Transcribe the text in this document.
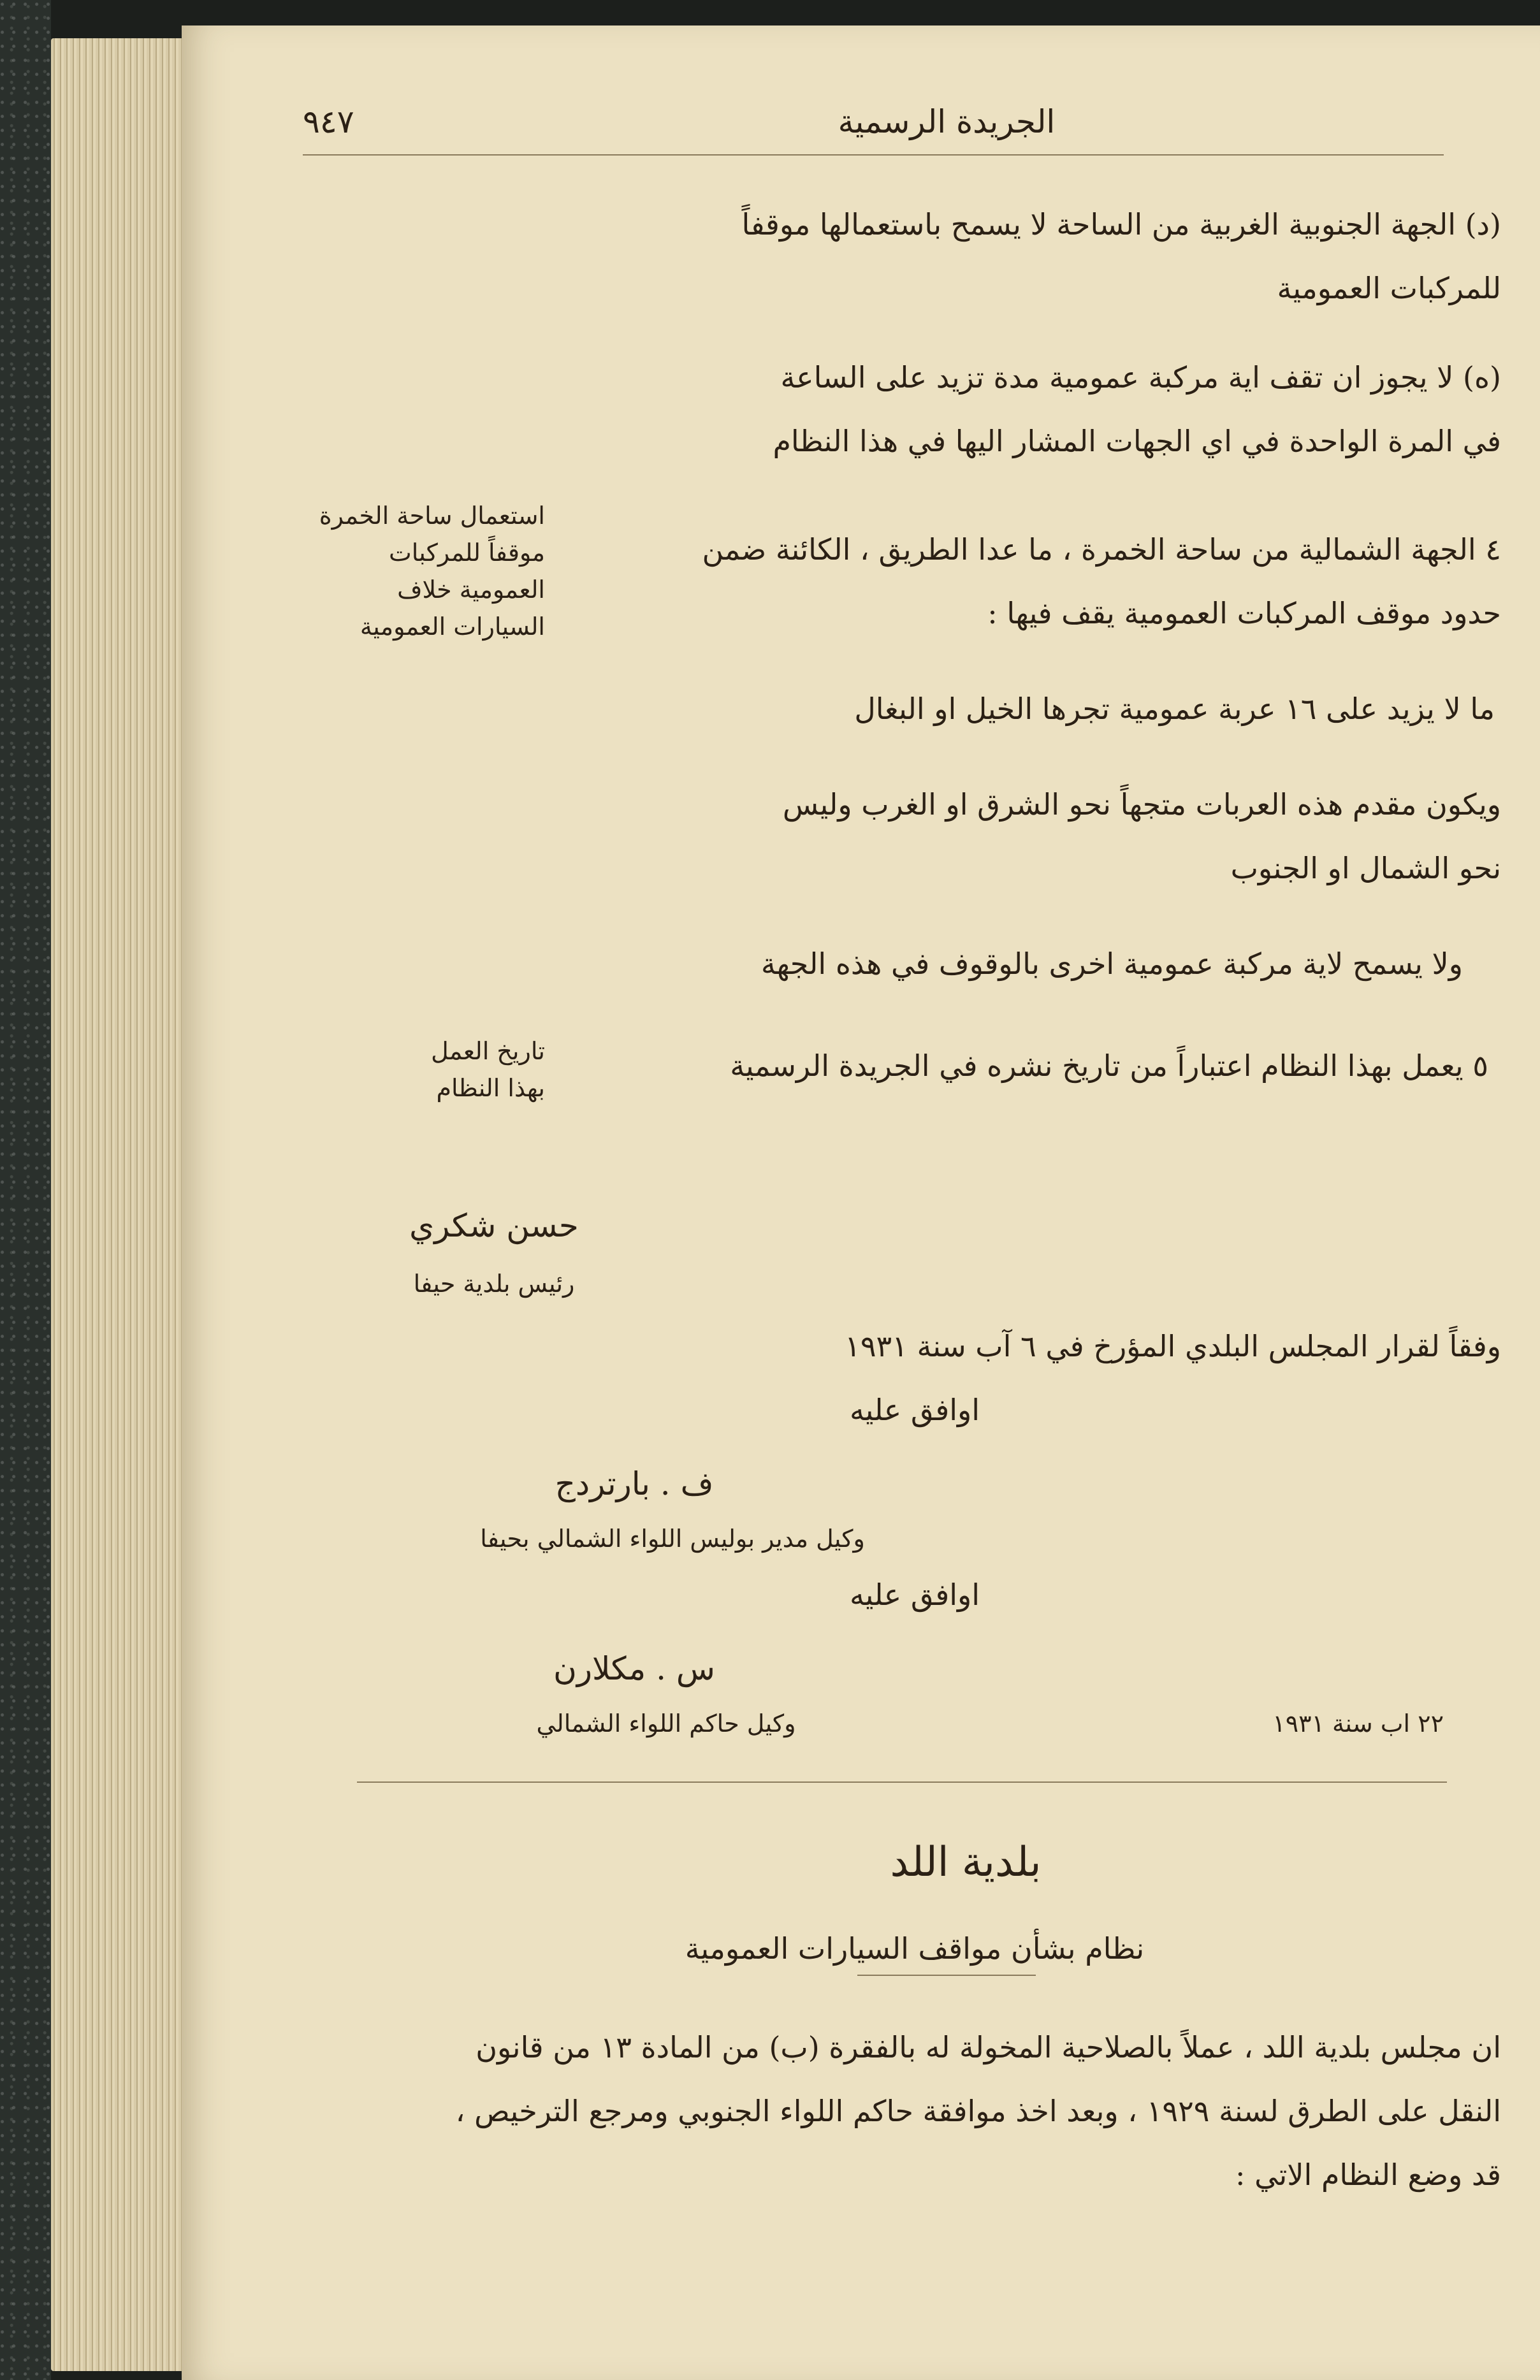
٩٤٧	الجريدة الرسمية
(د) الجهة الجنوبية الغربية من الساحة لا يسمح باستعمالها موقفاً
للمركبات العمومية
(ه) لا يجوز ان تقف اية مركبة عمومية مدة تزيد على الساعة
في المرة الواحدة في اي الجهات المشار اليها في هذا النظام
٤ الجهة الشمالية من ساحة الخمرة ، ما عدا الطريق ، الكائنة ضمن
حدود موقف المركبات العمومية يقف فيها :
ما لا يزيد على ١٦ عربة عمومية تجرها الخيل او البغال
ويكون مقدم هذه العربات متجهاً نحو الشرق او الغرب وليس
نحو الشمال او الجنوب
ولا يسمح لاية مركبة عمومية اخرى بالوقوف في هذه الجهة
٥ يعمل بهذا النظام اعتباراً من تاريخ نشره في الجريدة الرسمية
استعمال ساحة الخمرة
موقفاً للمركبات
العمومية خلاف
السيارات العمومية
تاريخ العمل
بهذا النظام
حسن شكري
رئيس بلدية حيفا
وفقاً لقرار المجلس البلدي المؤرخ في ٦ آب سنة ١٩٣١
اوافق عليه
ف . بارتردج
وكيل مدير بوليس اللواء الشمالي بحيفا
اوافق عليه
س . مكلارن
وكيل حاكم اللواء الشمالي	٢٢ اب سنة ١٩٣١
بلدية اللد
نظام بشأن مواقف السيارات العمومية
ان مجلس بلدية اللد ، عملاً بالصلاحية المخولة له بالفقرة (ب) من المادة ١٣ من قانون
النقل على الطرق لسنة ١٩٢٩ ، وبعد اخذ موافقة حاكم اللواء الجنوبي ومرجع الترخيص ،
قد وضع النظام الاتي :
